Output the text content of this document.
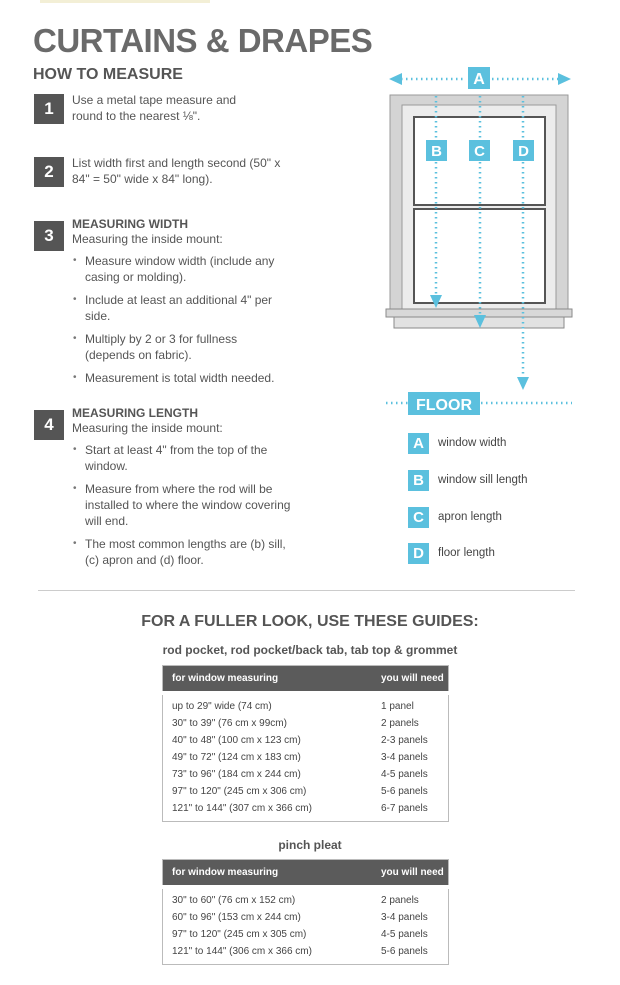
CURTAINS & DRAPES
HOW TO MEASURE
1	Use a metal tape measure and round to the nearest ⅛".
2	List width first and length second (50" x 84" = 50" wide x 84" long).
3
MEASURING WIDTH
Measuring the inside mount:
• Measure window width (include any casing or molding).
• Include at least an additional 4" per side.
• Multiply by 2 or 3 for fullness (depends on fabric).
• Measurement is total width needed.
4
MEASURING LENGTH
Measuring the inside mount:
• Start at least 4" from the top of the window.
• Measure from where the rod will be installed to where the window covering will end.
• The most common lengths are (b) sill, (c) apron and (d) floor.
A
B C D
FLOOR
A	window width
B	window sill length
C	apron length
D	floor length
FOR A FULLER LOOK, USE THESE GUIDES:
rod pocket, rod pocket/back tab, tab top & grommet
for window measuring	you will need
up to 29" wide (74 cm)	1 panel
30" to 39" (76 cm x 99cm)	2 panels
40" to 48" (100 cm x 123 cm)	2-3 panels
49" to 72" (124 cm x 183 cm)	3-4 panels
73" to 96" (184 cm x 244 cm)	4-5 panels
97" to 120" (245 cm x 306 cm)	5-6 panels
121" to 144" (307 cm x 366 cm)	6-7 panels
pinch pleat
for window measuring	you will need
30" to 60" (76 cm x 152 cm)	2 panels
60" to 96" (153 cm x 244 cm)	3-4 panels
97" to 120" (245 cm x 305 cm)	4-5 panels
121" to 144" (306 cm x 366 cm)	5-6 panels
